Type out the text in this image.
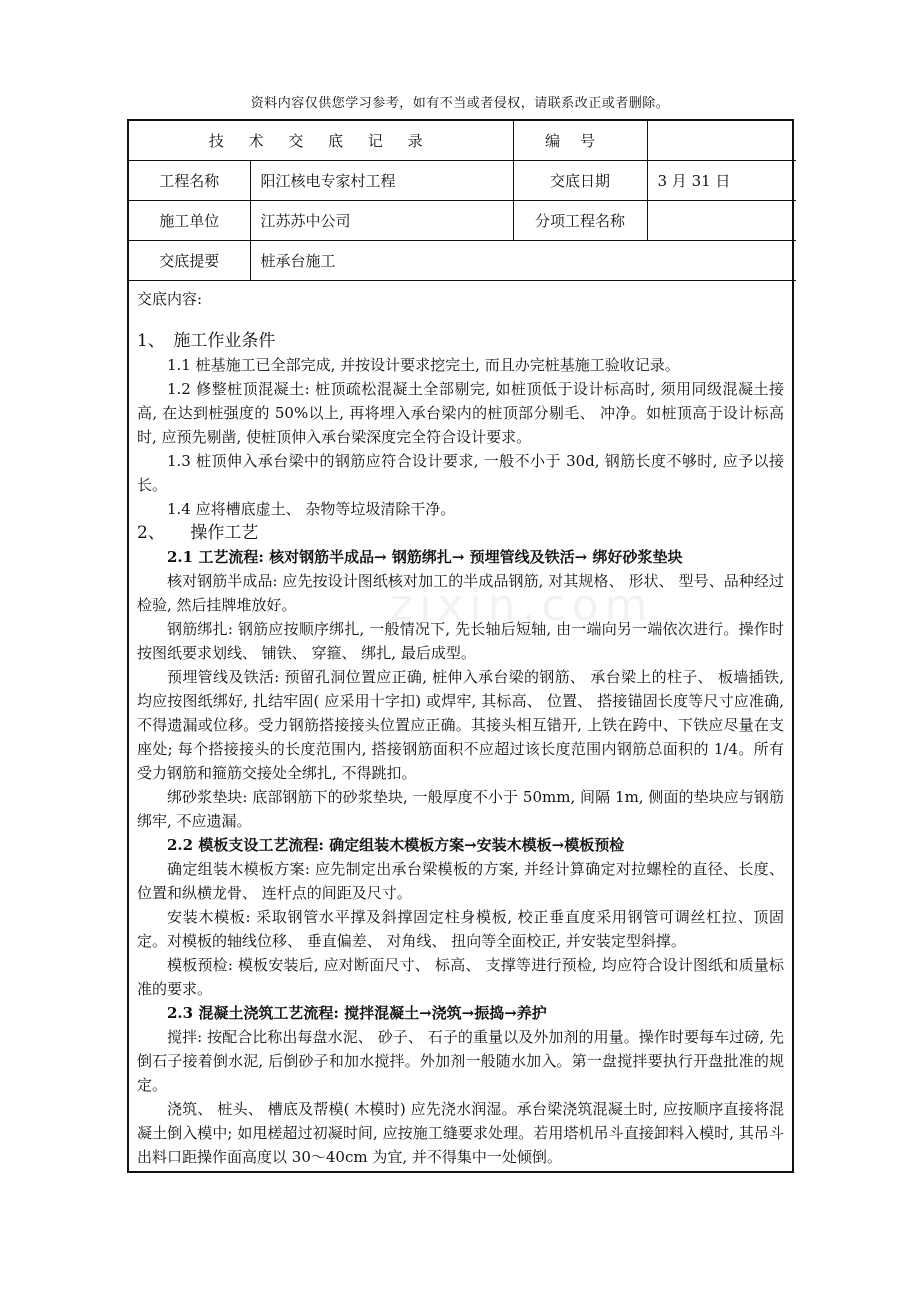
资料内容仅供您学习参考，如有不当或者侵权，请联系改正或者删除。
技 术 交 底 记 录		编号	
工程名称	阳江核电专家村工程	交底日期	3 月 31 日
施工单位	江苏苏中公司	分项工程名称	
交底提要	桩承台施工		

交底内容:

1、　施工作业条件

1.1 桩基施工已全部完成, 并按设计要求挖完土, 而且办完桩基施工验收记录。

1.2 修整桩顶混凝土: 桩顶疏松混凝土全部剔完, 如桩顶低于设计标高时, 须用同级混凝土接高, 在达到桩强度的 50%以上, 再将埋入承台梁内的桩顶部分剔毛、 冲净。如桩顶高于设计标高时, 应预先剔凿, 使桩顶伸入承台梁深度完全符合设计要求。

1.3 桩顶伸入承台梁中的钢筋应符合设计要求, 一般不小于 30d, 钢筋长度不够时, 应予以接长。

1.4 应将槽底虚土、 杂物等垃圾清除干净。

2、　　操作工艺

2.1 工艺流程: 核对钢筋半成品→ 钢筋绑扎→ 预埋管线及铁活→ 绑好砂浆垫块

核对钢筋半成品: 应先按设计图纸核对加工的半成品钢筋, 对其规格、 形状、 型号、品种经过检验, 然后挂牌堆放好。

钢筋绑扎: 钢筋应按顺序绑扎, 一般情况下, 先长轴后短轴, 由一端向另一端依次进行。操作时按图纸要求划线、 铺铁、 穿箍、 绑扎, 最后成型。

预埋管线及铁活: 预留孔洞位置应正确, 桩伸入承台梁的钢筋、 承台梁上的柱子、 板墙插铁, 均应按图纸绑好, 扎结牢固( 应采用十字扣) 或焊牢, 其标高、 位置、 搭接锚固长度等尺寸应准确, 不得遗漏或位移。受力钢筋搭接接头位置应正确。其接头相互错开, 上铁在跨中、下铁应尽量在支座处; 每个搭接接头的长度范围内, 搭接钢筋面积不应超过该长度范围内钢筋总面积的 1/4。所有受力钢筋和箍筋交接处全绑扎, 不得跳扣。

绑砂浆垫块: 底部钢筋下的砂浆垫块, 一般厚度不小于 50mm, 间隔 1m, 侧面的垫块应与钢筋绑牢, 不应遗漏。

2.2 模板支设工艺流程: 确定组装木模板方案→安装木模板→模板预检

确定组装木模板方案: 应先制定出承台梁模板的方案, 并经计算确定对拉螺栓的直径、长度、 位置和纵横龙骨、 连杆点的间距及尺寸。

安装木模板: 采取钢管水平撑及斜撑固定柱身模板, 校正垂直度采用钢管可调丝杠拉、顶固定。对模板的轴线位移、 垂直偏差、 对角线、 扭向等全面校正, 并安装定型斜撑。

模板预检: 模板安装后, 应对断面尺寸、 标高、 支撑等进行预检, 均应符合设计图纸和质量标准的要求。

2.3 混凝土浇筑工艺流程: 搅拌混凝土→浇筑→振捣→养护

搅拌: 按配合比称出每盘水泥、 砂子、 石子的重量以及外加剂的用量。操作时要每车过磅, 先倒石子接着倒水泥, 后倒砂子和加水搅拌。外加剂一般随水加入。第一盘搅拌要执行开盘批准的规定。

浇筑、 桩头、 槽底及帮模( 木模时) 应先浇水润湿。承台梁浇筑混凝土时, 应按顺序直接将混凝土倒入模中; 如甩槎超过初凝时间, 应按施工缝要求处理。若用塔机吊斗直接卸料入模时, 其吊斗出料口距操作面高度以 30～40cm 为宜, 并不得集中一处倾倒。

zixin.com
